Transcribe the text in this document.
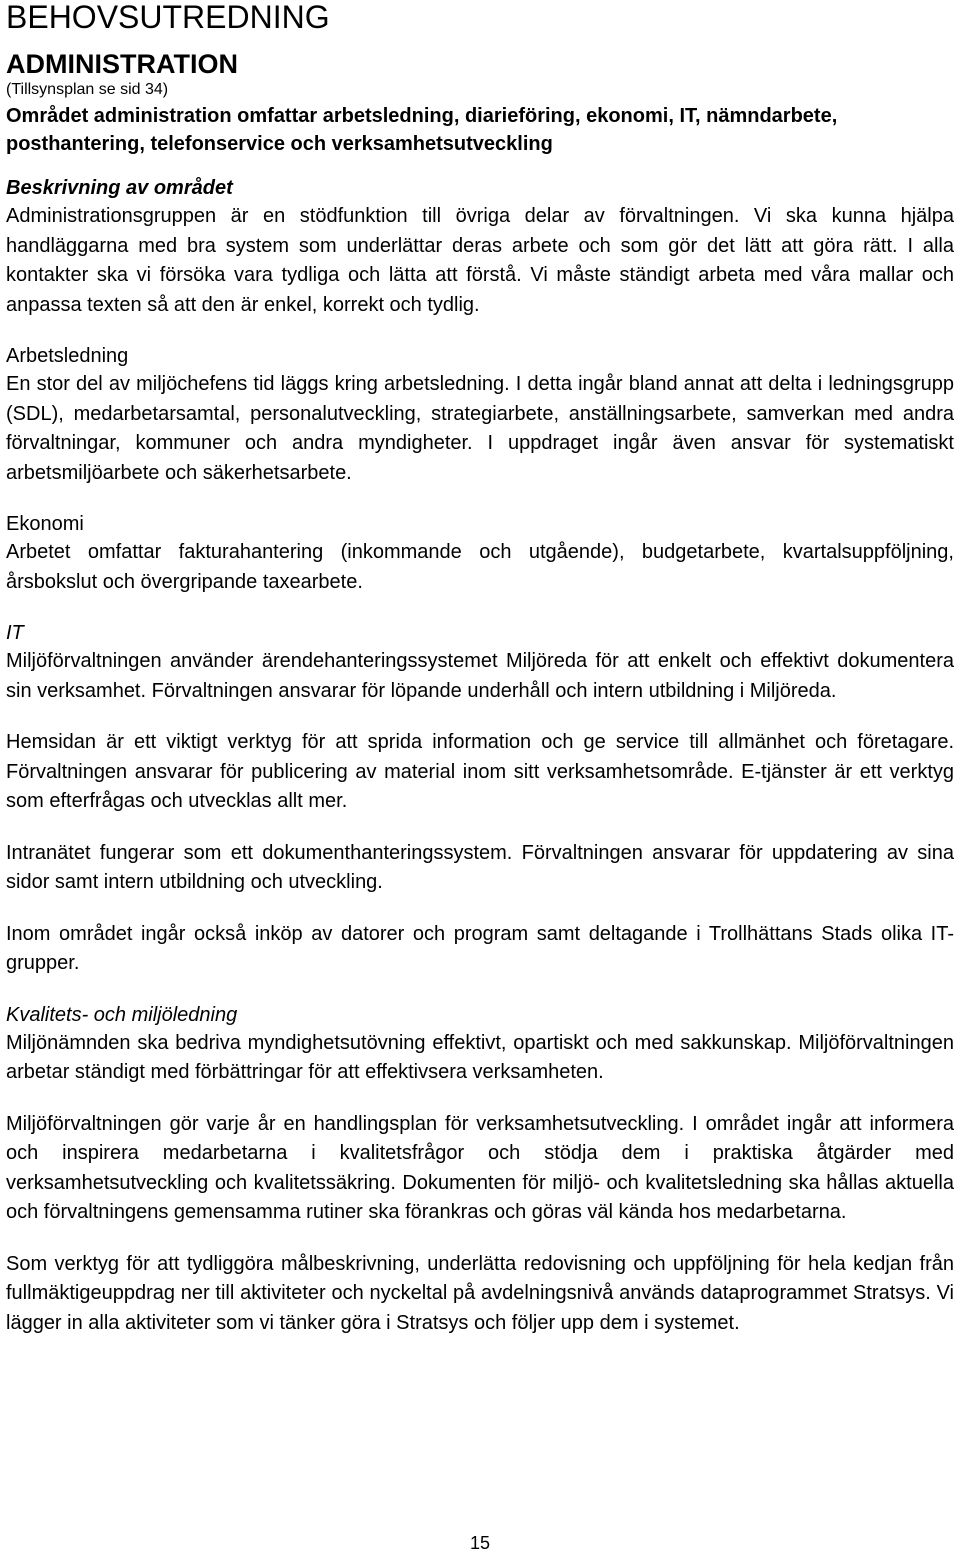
BEHOVSUTREDNING
ADMINISTRATION
(Tillsynsplan se sid 34)
Området administration omfattar arbetsledning, diarieföring, ekonomi, IT, nämndarbete, posthantering, telefonservice och verksamhetsutveckling
Beskrivning av området

Administrationsgruppen är en stödfunktion till övriga delar av förvaltningen. Vi ska kunna hjälpa handläggarna med bra system som underlättar deras arbete och som gör det lätt att göra rätt. I alla kontakter ska vi försöka vara tydliga och lätta att förstå. Vi måste ständigt arbeta med våra mallar och anpassa texten så att den är enkel, korrekt och tydlig.

Arbetsledning

En stor del av miljöchefens tid läggs kring arbetsledning. I detta ingår bland annat att delta i ledningsgrupp (SDL), medarbetarsamtal, personalutveckling, strategiarbete, anställningsarbete, samverkan med andra förvaltningar, kommuner och andra myndigheter. I uppdraget ingår även ansvar för systematiskt arbetsmiljöarbete och säkerhetsarbete.

Ekonomi

Arbetet omfattar fakturahantering (inkommande och utgående), budgetarbete, kvartalsuppföljning, årsbokslut och övergripande taxearbete.

IT

Miljöförvaltningen använder ärendehanteringssystemet Miljöreda för att enkelt och effektivt dokumentera sin verksamhet. Förvaltningen ansvarar för löpande underhåll och intern utbildning i Miljöreda.

Hemsidan är ett viktigt verktyg för att sprida information och ge service till allmänhet och företagare. Förvaltningen ansvarar för publicering av material inom sitt verksamhetsområde. E-tjänster är ett verktyg som efterfrågas och utvecklas allt mer.

Intranätet fungerar som ett dokumenthanteringssystem. Förvaltningen ansvarar för uppdatering av sina sidor samt intern utbildning och utveckling.

Inom området ingår också inköp av datorer och program samt deltagande i Trollhättans Stads olika IT-grupper.

Kvalitets- och miljöledning

Miljönämnden ska bedriva myndighetsutövning effektivt, opartiskt och med sakkunskap. Miljöförvaltningen arbetar ständigt med förbättringar för att effektivsera verksamheten.

Miljöförvaltningen gör varje år en handlingsplan för verksamhetsutveckling. I området ingår att informera och inspirera medarbetarna i kvalitetsfrågor och stödja dem i praktiska åtgärder med verksamhetsutveckling och kvalitetssäkring. Dokumenten för miljö- och kvalitetsledning ska hållas aktuella och förvaltningens gemensamma rutiner ska förankras och göras väl kända hos medarbetarna.

Som verktyg för att tydliggöra målbeskrivning, underlätta redovisning och uppföljning för hela kedjan från fullmäktigeuppdrag ner till aktiviteter och nyckeltal på avdelningsnivå används dataprogrammet Stratsys. Vi lägger in alla aktiviteter som vi tänker göra i Stratsys och följer upp dem i systemet.

15
